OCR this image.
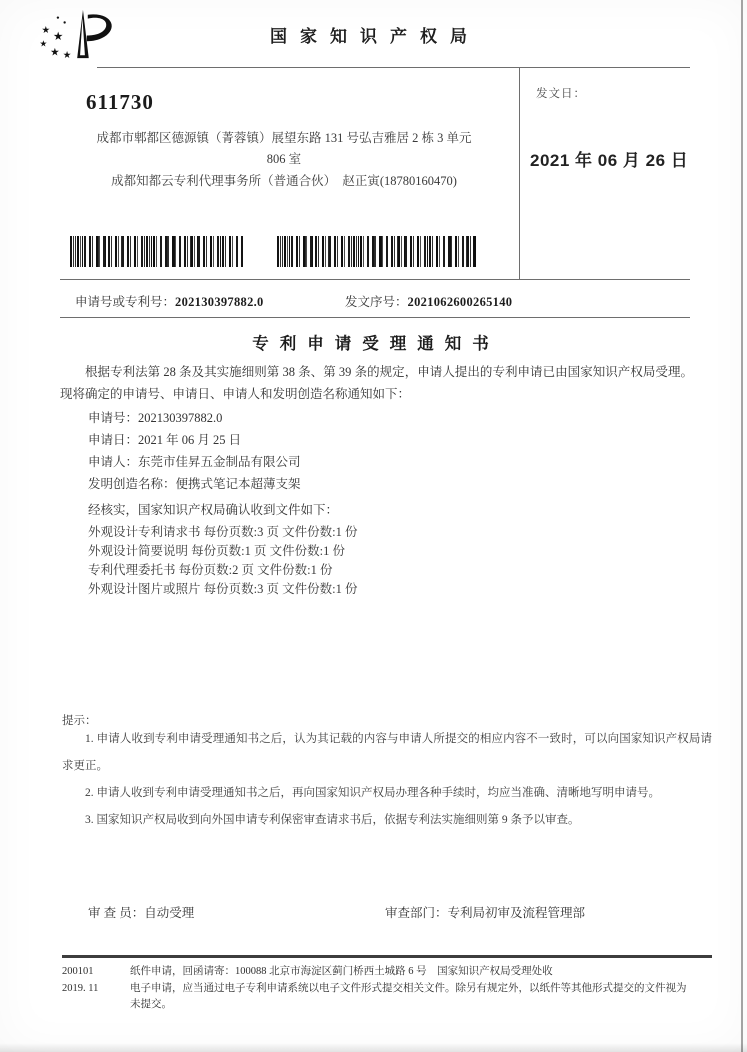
★ ★
★
★ ★
国家知识产权局
611730
成都市郫都区德源镇（菁蓉镇）展望东路 131 号弘吉雅居 2 栋 3 单元
806 室
成都知都云专利代理事务所（普通合伙）　赵正寅(18780160470)
发文日：
2021 年 06 月 26 日
申请号或专利号：202130397882.0	发文序号：2021062600265140
专利申请受理通知书

根据专利法第 28 条及其实施细则第 38 条、第 39 条的规定，申请人提出的专利申请已由国家知识产权局受理。现将确定的申请号、申请日、申请人和发明创造名称通知如下：

申请号：202130397882.0
申请日：2021 年 06 月 25 日
申请人：东莞市佳昇五金制品有限公司
发明创造名称：便携式笔记本超薄支架
经核实，国家知识产权局确认收到文件如下：
外观设计专利请求书 每份页数:3 页 文件份数:1 份
外观设计简要说明 每份页数:1 页 文件份数:1 份
专利代理委托书 每份页数:2 页 文件份数:1 份
外观设计图片或照片 每份页数:3 页 文件份数:1 份
提示：

1. 申请人收到专利申请受理通知书之后，认为其记载的内容与申请人所提交的相应内容不一致时，可以向国家知识产权局请求更正。

2. 申请人收到专利申请受理通知书之后，再向国家知识产权局办理各种手续时，均应当准确、清晰地写明申请号。

3. 国家知识产权局收到向外国申请专利保密审查请求书后，依据专利法实施细则第 9 条予以审查。

审 查 员：自动受理	审查部门：专利局初审及流程管理部
200101	纸件申请，回函请寄：100088 北京市海淀区蓟门桥西土城路 6 号　国家知识产权局受理处收
2019. 11	电子申请，应当通过电子专利申请系统以电子文件形式提交相关文件。除另有规定外，以纸件等其他形式提交的文件视为未提交。
